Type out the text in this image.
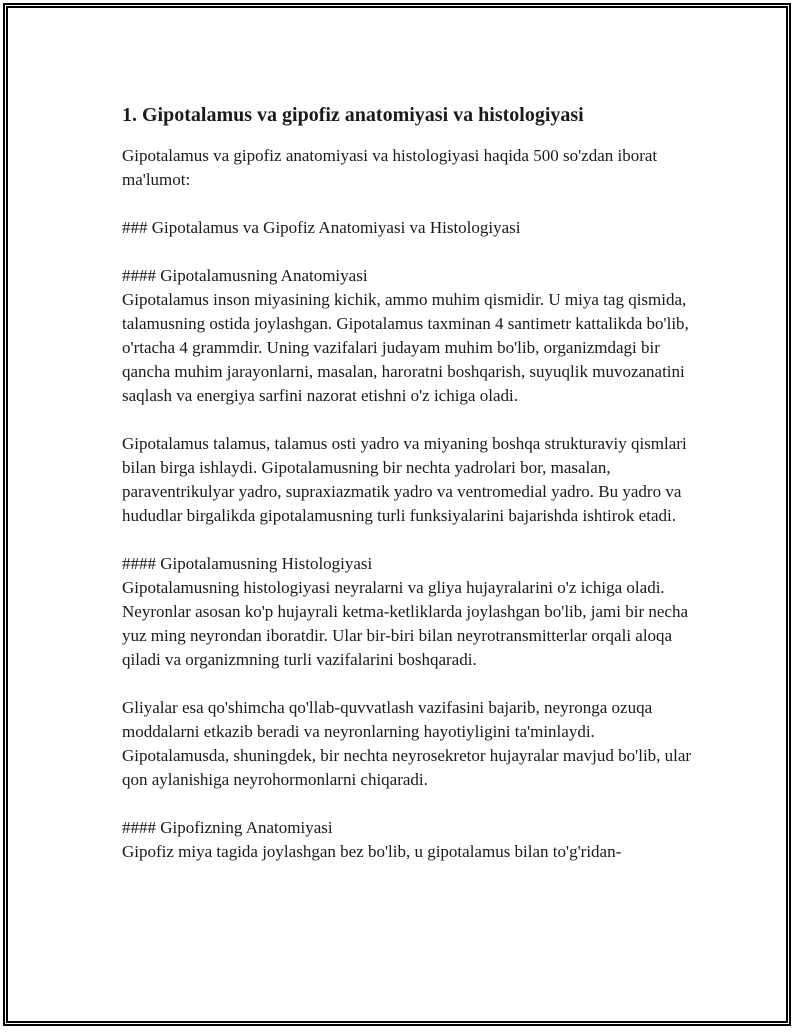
1. Gipotalamus va gipofiz anatomiyasi va histologiyasi

Gipotalamus va gipofiz anatomiyasi va histologiyasi haqida 500 so'zdan iborat ma'lumot:

### Gipotalamus va Gipofiz Anatomiyasi va Histologiyasi

#### Gipotalamusning Anatomiyasi

Gipotalamus inson miyasining kichik, ammo muhim qismidir. U miya tag qismida, talamusning ostida joylashgan. Gipotalamus taxminan 4 santimetr kattalikda bo'lib, o'rtacha 4 grammdir. Uning vazifalari judayam muhim bo'lib, organizmdagi bir qancha muhim jarayonlarni, masalan, haroratni boshqarish, suyuqlik muvozanatini saqlash va energiya sarfini nazorat etishni o'z ichiga oladi.

Gipotalamus talamus, talamus osti yadro va miyaning boshqa strukturaviy qismlari bilan birga ishlaydi. Gipotalamusning bir nechta yadrolari bor, masalan, paraventrikulyar yadro, supraxiazmatik yadro va ventromedial yadro. Bu yadro va hududlar birgalikda gipotalamusning turli funksiyalarini bajarishda ishtirok etadi.

#### Gipotalamusning Histologiyasi

Gipotalamusning histologiyasi neyralarni va gliya hujayralarini o'z ichiga oladi. Neyronlar asosan ko'p hujayrali ketma-ketliklarda joylashgan bo'lib, jami bir necha yuz ming neyrondan iboratdir. Ular bir-biri bilan neyrotransmitterlar orqali aloqa qiladi va organizmning turli vazifalarini boshqaradi.

Gliyalar esa qo'shimcha qo'llab-quvvatlash vazifasini bajarib, neyronga ozuqa moddalarni etkazib beradi va neyronlarning hayotiyligini ta'minlaydi. Gipotalamusda, shuningdek, bir nechta neyrosekretor hujayralar mavjud bo'lib, ular qon aylanishiga neyrohormonlarni chiqaradi.

#### Gipofizning Anatomiyasi

Gipofiz miya tagida joylashgan bez bo'lib, u gipotalamus bilan to'g'ridan-
